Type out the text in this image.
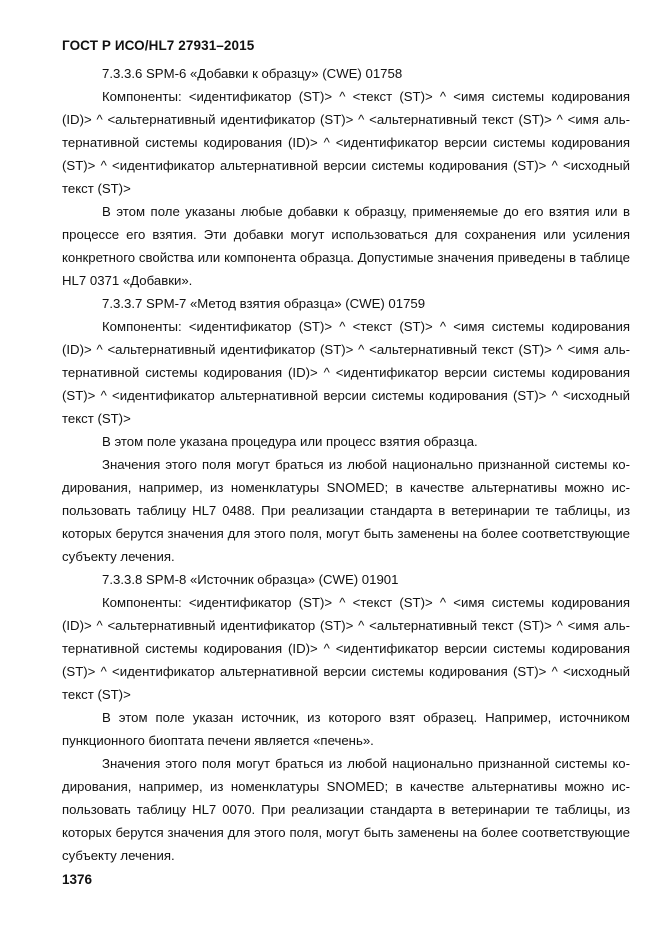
ГОСТ Р ИСО/HL7 27931–2015

7.3.3.6 SPM-6 «Добавки к образцу» (CWE) 01758

Компоненты: <идентификатор (ST)> ^ <текст (ST)> ^ <имя системы кодирования (ID)> ^ <альтернативный идентификатор (ST)> ^ <альтернативный текст (ST)> ^ <имя альтернативной системы кодирования (ID)> ^ <идентификатор версии системы кодирования (ST)> ^ <идентификатор альтернативной версии системы кодирования (ST)> ^ <исходный текст (ST)>

В этом поле указаны любые добавки к образцу, применяемые до его взятия или в процессе его взятия. Эти добавки могут использоваться для сохранения или усиления конкретного свойства или компонента образца. Допустимые значения приведены в таблице HL7 0371 «Добавки».

7.3.3.7 SPM-7 «Метод взятия образца» (CWE) 01759

Компоненты: <идентификатор (ST)> ^ <текст (ST)> ^ <имя системы кодирования (ID)> ^ <альтернативный идентификатор (ST)> ^ <альтернативный текст (ST)> ^ <имя альтернативной системы кодирования (ID)> ^ <идентификатор версии системы кодирования (ST)> ^ <идентификатор альтернативной версии системы кодирования (ST)> ^ <исходный текст (ST)>

В этом поле указана процедура или процесс взятия образца.

Значения этого поля могут браться из любой национально признанной системы кодирования, например, из номенклатуры SNOMED; в качестве альтернативы можно использовать таблицу HL7 0488. При реализации стандарта в ветеринарии те таблицы, из которых берутся значения для этого поля, могут быть заменены на более соответствующие субъекту лечения.

7.3.3.8 SPM-8 «Источник образца» (CWE) 01901

Компоненты: <идентификатор (ST)> ^ <текст (ST)> ^ <имя системы кодирования (ID)> ^ <альтернативный идентификатор (ST)> ^ <альтернативный текст (ST)> ^ <имя альтернативной системы кодирования (ID)> ^ <идентификатор версии системы кодирования (ST)> ^ <идентификатор альтернативной версии системы кодирования (ST)> ^ <исходный текст (ST)>

В этом поле указан источник, из которого взят образец. Например, источником пункционного биоптата печени является «печень».

Значения этого поля могут браться из любой национально признанной системы кодирования, например, из номенклатуры SNOMED; в качестве альтернативы можно использовать таблицу HL7 0070. При реализации стандарта в ветеринарии те таблицы, из которых берутся значения для этого поля, могут быть заменены на более соответствующие субъекту лечения.

1376
